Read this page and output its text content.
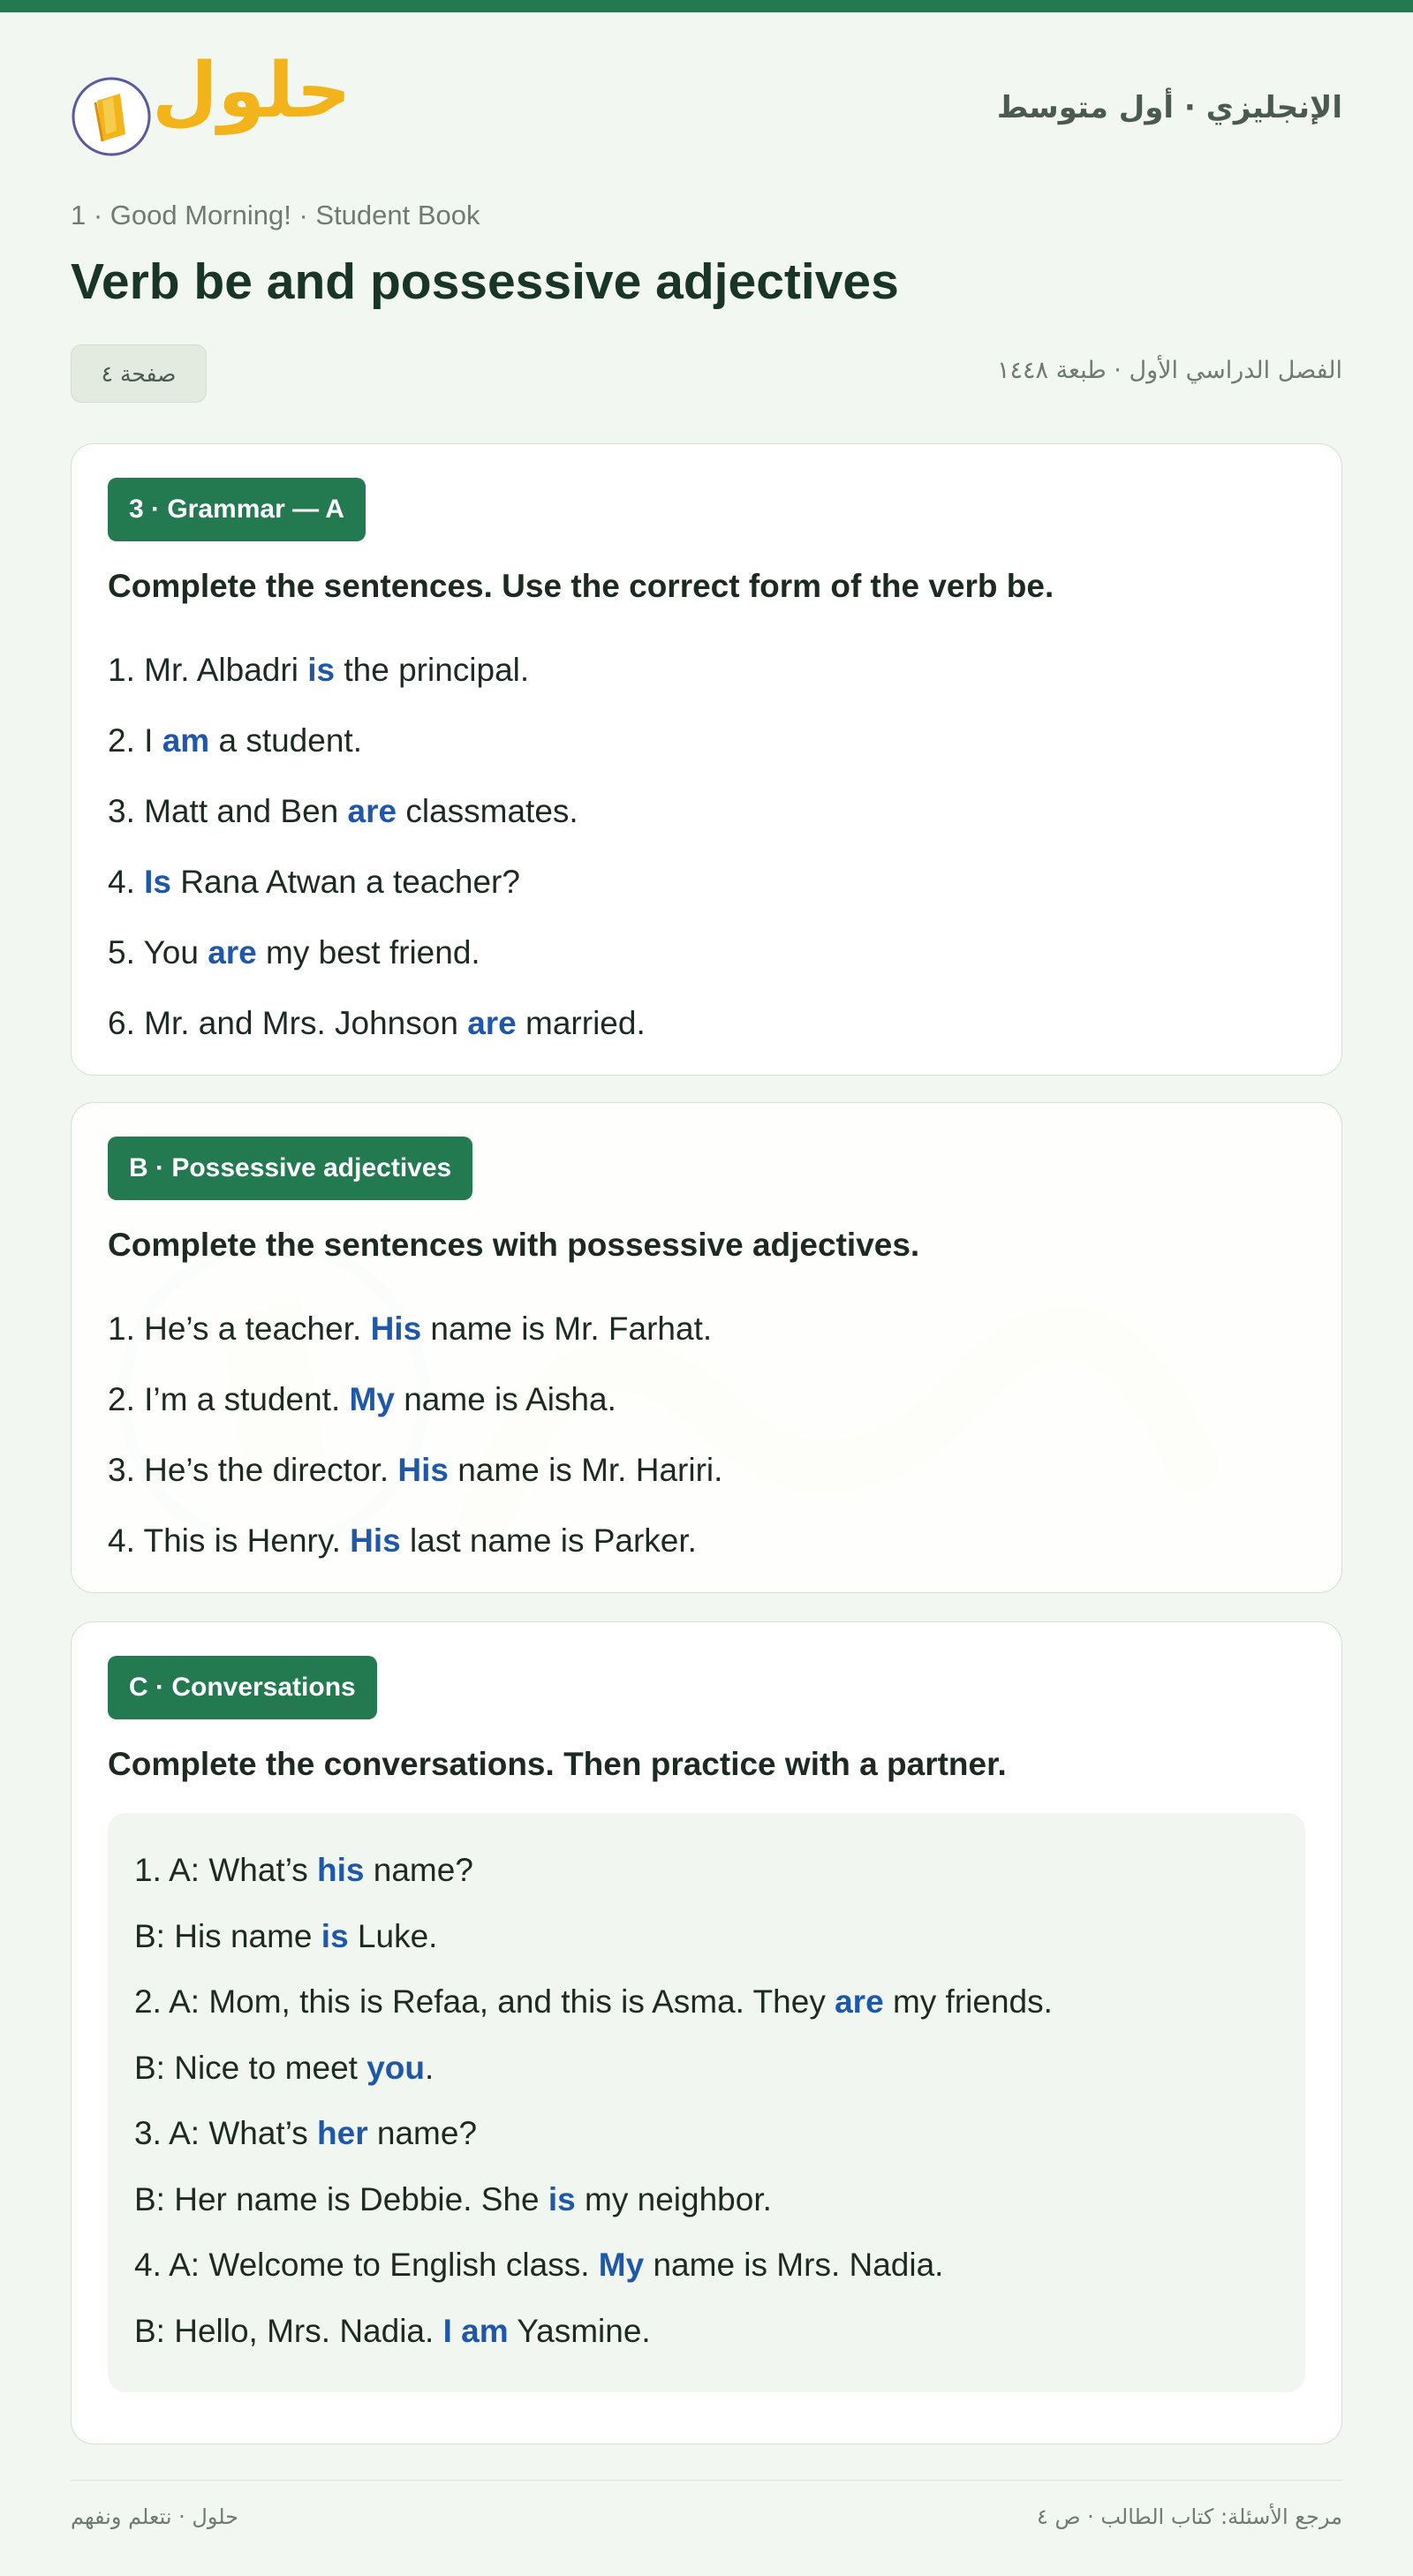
حلول	الإنجليزي · أول متوسط
1 · Good Morning! · Student Book
Verb be and possessive adjectives
صفحة ٤	الفصل الدراسي الأول · طبعة ١٤٤٨
3 · Grammar — A
Complete the sentences. Use the correct form of the verb be.
1. Mr. Albadri is the principal.
2. I am a student.
3. Matt and Ben are classmates.
4. Is Rana Atwan a teacher?
5. You are my best friend.
6. Mr. and Mrs. Johnson are married.
B · Possessive adjectives
Complete the sentences with possessive adjectives.
1. He’s a teacher. His name is Mr. Farhat.
2. I’m a student. My name is Aisha.
3. He’s the director. His name is Mr. Hariri.
4. This is Henry. His last name is Parker.
C · Conversations
Complete the conversations. Then practice with a partner.
1. A: What’s his name?
B: His name is Luke.
2. A: Mom, this is Refaa, and this is Asma. They are my friends.
B: Nice to meet you.
3. A: What’s her name?
B: Her name is Debbie. She is my neighbor.
4. A: Welcome to English class. My name is Mrs. Nadia.
B: Hello, Mrs. Nadia. I am Yasmine.
حلول · نتعلم ونفهم	مرجع الأسئلة: كتاب الطالب · ص ٤
